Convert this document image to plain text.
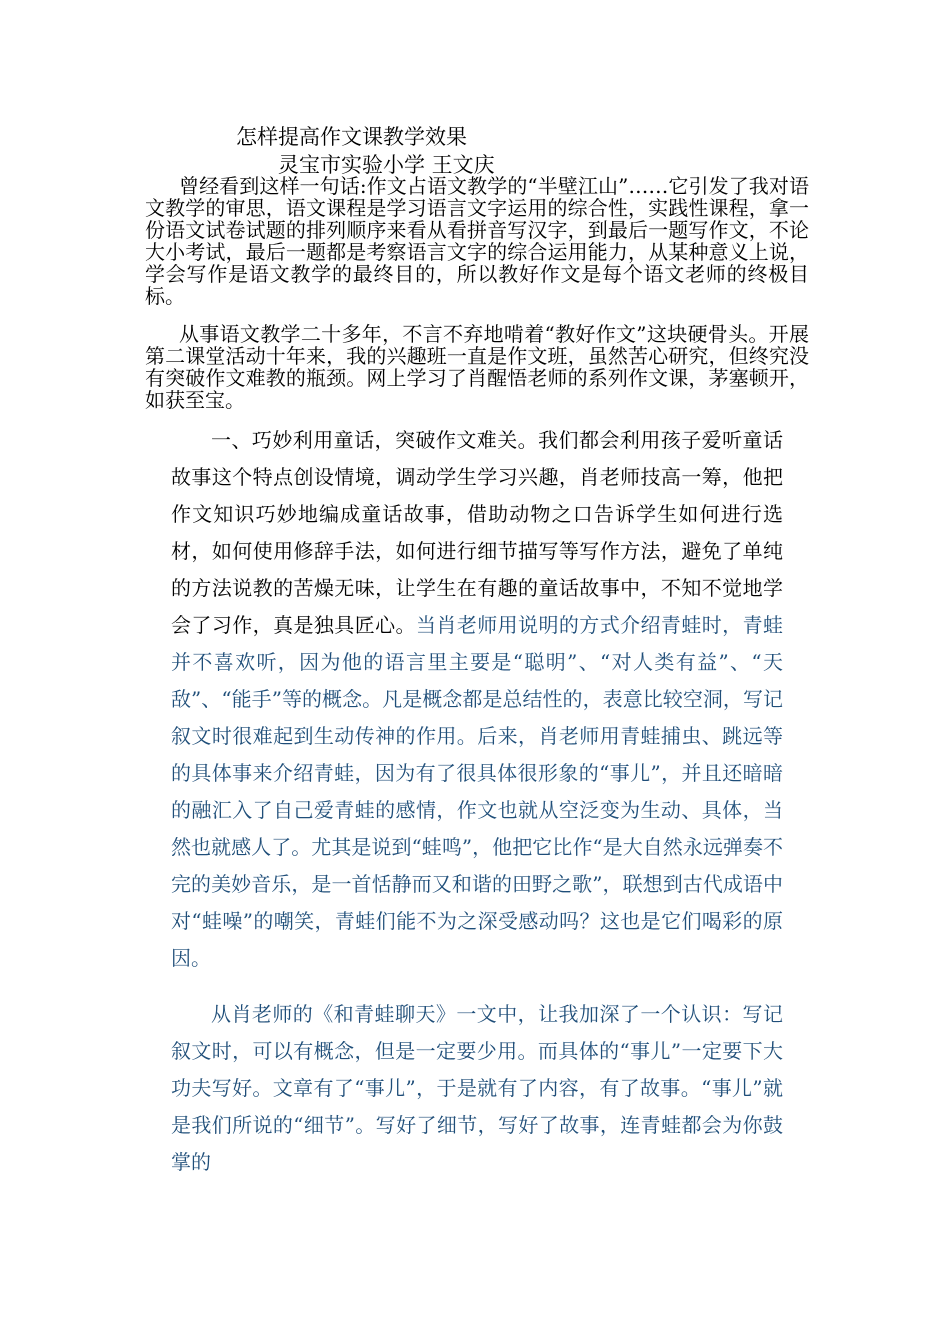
怎样提高作文课教学效果
灵宝市实验小学 王文庆

曾经看到这样一句话:作文占语文教学的“半壁江山”……它引发了我对语文教学的审思，语文课程是学习语言文字运用的综合性，实践性课程，拿一份语文试卷试题的排列顺序来看从看拼音写汉字，到最后一题写作文，不论大小考试，最后一题都是考察语言文字的综合运用能力，从某种意义上说，学会写作是语文教学的最终目的，所以教好作文是每个语文老师的终极目标。

从事语文教学二十多年，不言不弃地啃着“教好作文”这块硬骨头。开展第二课堂活动十年来，我的兴趣班一直是作文班，虽然苦心研究，但终究没有突破作文难教的瓶颈。网上学习了肖醒悟老师的系列作文课，茅塞顿开，如获至宝。

一、巧妙利用童话，突破作文难关。我们都会利用孩子爱听童话故事这个特点创设情境，调动学生学习兴趣，肖老师技高一筹，他把作文知识巧妙地编成童话故事，借助动物之口告诉学生如何进行选材，如何使用修辞手法，如何进行细节描写等写作方法，避免了单纯的方法说教的苦燥无味，让学生在有趣的童话故事中，不知不觉地学会了习作，真是独具匠心。当肖老师用说明的方式介绍青蛙时，青蛙并不喜欢听，因为他的语言里主要是“聪明”、“对人类有益”、“天敌”、“能手”等的概念。凡是概念都是总结性的，表意比较空洞，写记叙文时很难起到生动传神的作用。后来，肖老师用青蛙捕虫、跳远等的具体事来介绍青蛙，因为有了很具体很形象的“事儿”，并且还暗暗的融汇入了自己爱青蛙的感情，作文也就从空泛变为生动、具体，当然也就感人了。尤其是说到“蛙鸣”，他把它比作“是大自然永远弹奏不完的美妙音乐，是一首恬静而又和谐的田野之歌”，联想到古代成语中对“蛙噪”的嘲笑，青蛙们能不为之深受感动吗？这也是它们喝彩的原因。

从肖老师的《和青蛙聊天》一文中，让我加深了一个认识：写记叙文时，可以有概念，但是一定要少用。而具体的“事儿”一定要下大功夫写好。文章有了“事儿”，于是就有了内容，有了故事。“事儿”就是我们所说的“细节”。写好了细节，写好了故事，连青蛙都会为你鼓掌的
